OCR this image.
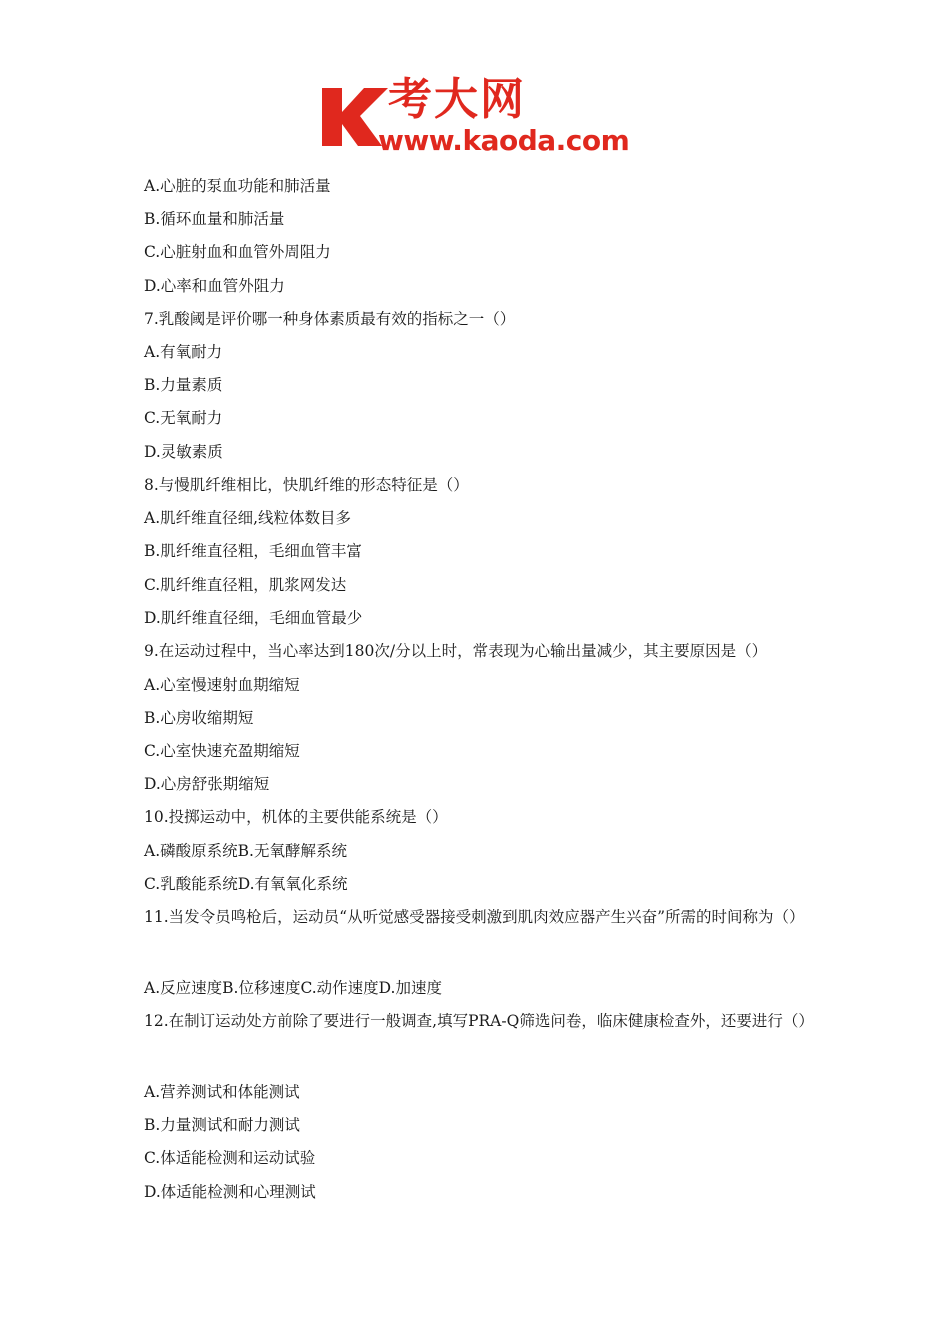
考大网
www.kaoda.com
A.心脏的泵血功能和肺活量
B.循环血量和肺活量
C.心脏射血和血管外周阻力
D.心率和血管外阻力
7.乳酸阈是评价哪一种身体素质最有效的指标之一（）
A.有氧耐力
B.力量素质
C.无氧耐力
D.灵敏素质
8.与慢肌纤维相比，快肌纤维的形态特征是（）
A.肌纤维直径细,线粒体数目多
B.肌纤维直径粗，毛细血管丰富
C.肌纤维直径粗，肌浆网发达
D.肌纤维直径细，毛细血管最少
9.在运动过程中，当心率达到180次/分以上时，常表现为心输出量减少，其主要原因是（）
A.心室慢速射血期缩短
B.心房收缩期短
C.心室快速充盈期缩短
D.心房舒张期缩短
10.投掷运动中，机体的主要供能系统是（）
A.磷酸原系统B.无氧酵解系统
C.乳酸能系统D.有氧氧化系统
11.当发令员鸣枪后，运动员“从听觉感受器接受刺激到肌肉效应器产生兴奋”所需的时间称为（）
A.反应速度B.位移速度C.动作速度D.加速度
12.在制订运动处方前除了要进行一般调查,填写PRA-Q筛选问卷，临床健康检查外，还要进行（）
A.营养测试和体能测试
B.力量测试和耐力测试
C.体适能检测和运动试验
D.体适能检测和心理测试
